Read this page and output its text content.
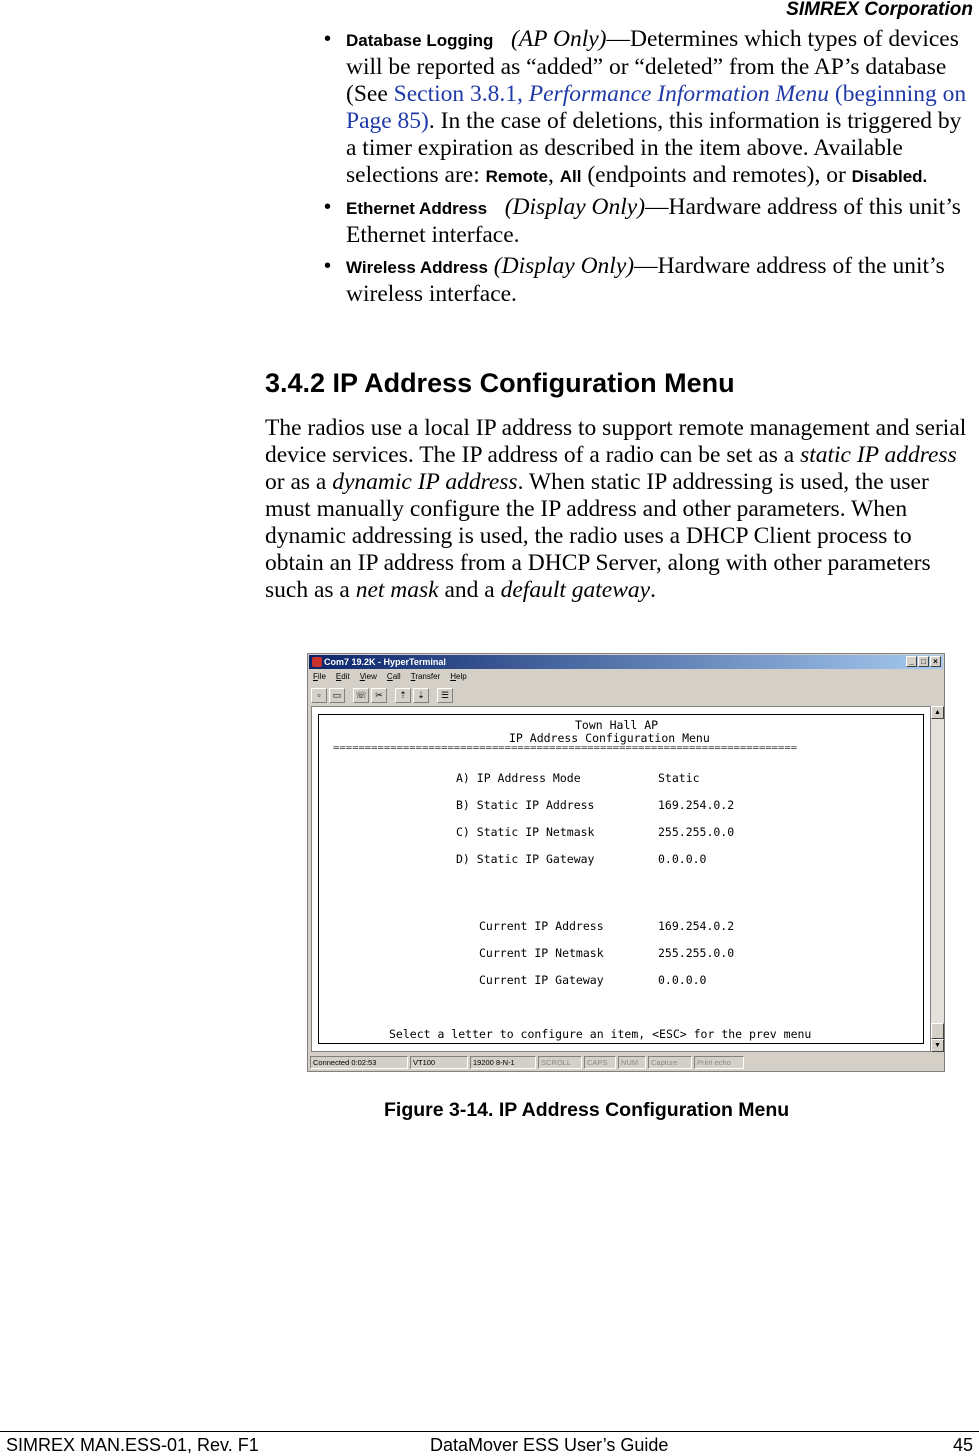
SIMREX Corporation
• Database Logging (AP Only)—Determines which types of devices will be reported as “added” or “deleted” from the AP’s database (See Section 3.8.1, Performance Information Menu (beginning on Page 85). In the case of deletions, this information is triggered by a timer expiration as described in the item above. Available selections are: Remote, All (endpoints and remotes), or Disabled.
• Ethernet Address (Display Only)—Hardware address of this unit’s Ethernet interface.
• Wireless Address (Display Only)—Hardware address of the unit’s wireless interface.
3.4.2 IP Address Configuration Menu
The radios use a local IP address to support remote management and serial device services. The IP address of a radio can be set as a static IP address or as a dynamic IP address. When static IP addressing is used, the user must manually configure the IP address and other parameters. When dynamic addressing is used, the radio uses a DHCP Client process to obtain an IP address from a DHCP Server, along with other parameters such as a net mask and a default gateway.
Com7 19.2K - HyperTerminal	_ □ ×
File Edit View Call Transfer Help
▫	▭	☏ ✂	⇡	⇣	☰
Town Hall AP
IP Address Configuration Menu
=========================================================================
A) IP Address Mode	Static
B) Static IP Address	169.254.0.2
C) Static IP Netmask	255.255.0.0
D) Static IP Gateway	0.0.0.0
Current IP Address	169.254.0.2
Current IP Netmask	255.255.0.0
Current IP Gateway	0.0.0.0
Select a letter to configure an item, <ESC> for the prev menu
▲
▼
Connected 0:02:53	VT100	19200 8-N-1	SCROLL	CAPS	NUM	Capture	Print echo
Figure 3-14. IP Address Configuration Menu
SIMREX MAN.ESS-01, Rev. F1	DataMover ESS User’s Guide	45
